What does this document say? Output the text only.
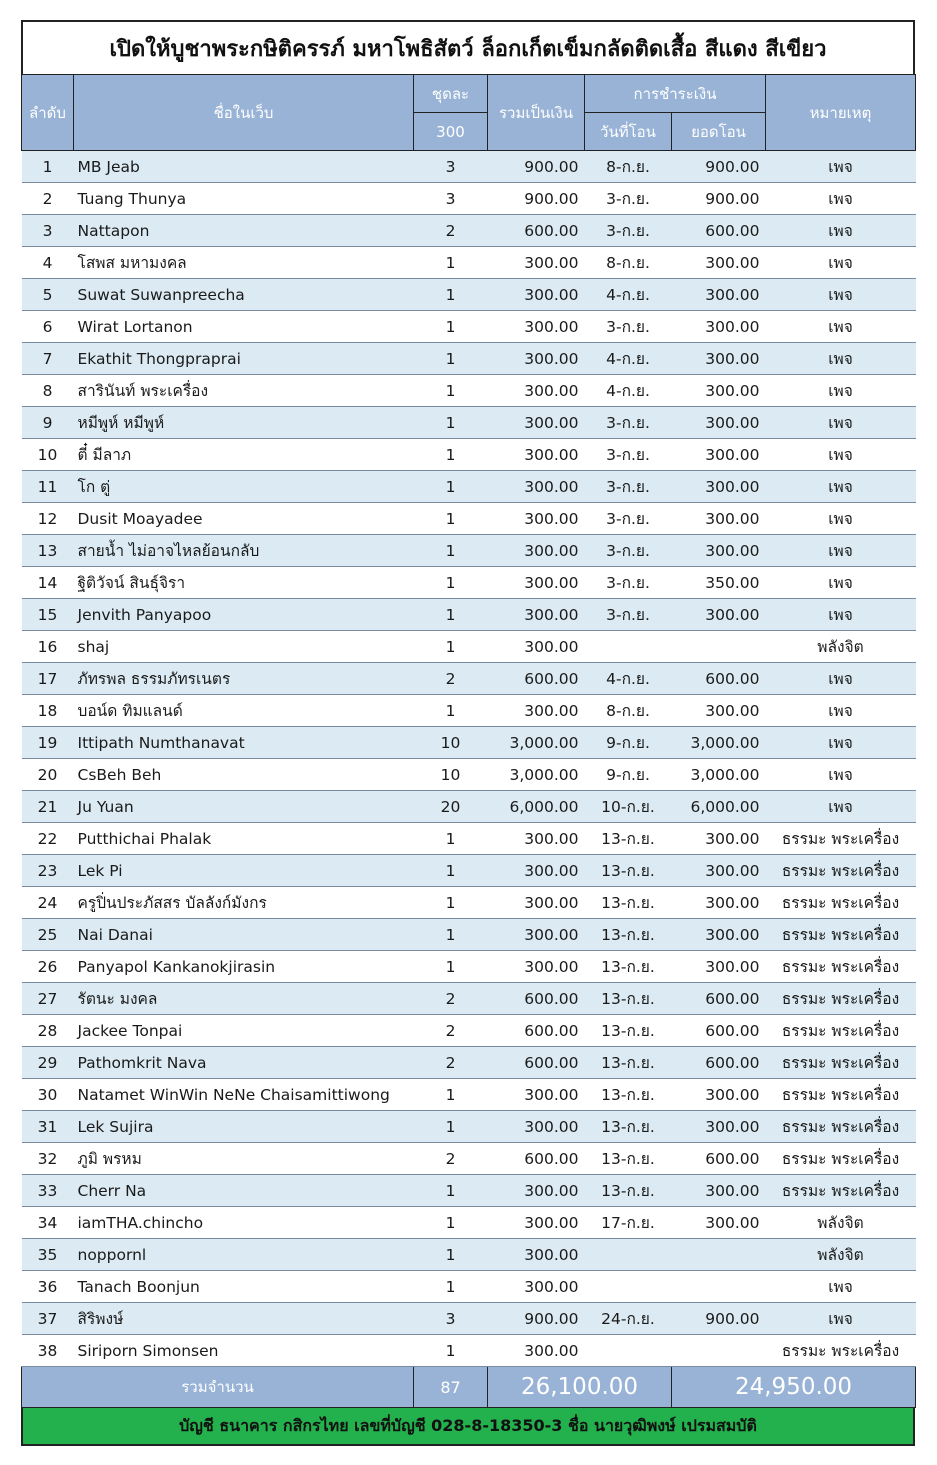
เปิดให้บูชาพระกษิติครรภ์ มหาโพธิสัตว์ ล็อกเก็ตเข็มกลัดติดเสื้อ สีแดง สีเขียว
ลำดับ	ชื่อในเว็บ	ชุดละ	รวมเป็นเงิน	การชำระเงิน		หมายเหตุ
		300		วันที่โอน	ยอดโอน	
1	MB Jeab	3	900.00	8-ก.ย.	900.00	เพจ
2	Tuang Thunya	3	900.00	3-ก.ย.	900.00	เพจ
3	Nattapon	2	600.00	3-ก.ย.	600.00	เพจ
4	โสพส มหามงคล	1	300.00	8-ก.ย.	300.00	เพจ
5	Suwat Suwanpreecha	1	300.00	4-ก.ย.	300.00	เพจ
6	Wirat Lortanon	1	300.00	3-ก.ย.	300.00	เพจ
7	Ekathit Thongpraprai	1	300.00	4-ก.ย.	300.00	เพจ
8	สารินันท์ พระเครื่อง	1	300.00	4-ก.ย.	300.00	เพจ
9	หมีพูห์ หมีพูห์	1	300.00	3-ก.ย.	300.00	เพจ
10	ตี๋ มีลาภ	1	300.00	3-ก.ย.	300.00	เพจ
11	โก ตู่	1	300.00	3-ก.ย.	300.00	เพจ
12	Dusit Moayadee	1	300.00	3-ก.ย.	300.00	เพจ
13	สายน้ำ ไม่อาจไหลย้อนกลับ	1	300.00	3-ก.ย.	300.00	เพจ
14	ฐิติวัจน์ สินธุ์จิรา	1	300.00	3-ก.ย.	350.00	เพจ
15	Jenvith Panyapoo	1	300.00	3-ก.ย.	300.00	เพจ
16	shaj	1	300.00			พลังจิต
17	ภัทรพล ธรรมภัทรเนตร	2	600.00	4-ก.ย.	600.00	เพจ
18	บอน์ด ทิมแลนด์	1	300.00	8-ก.ย.	300.00	เพจ
19	Ittipath Numthanavat	10	3,000.00	9-ก.ย.	3,000.00	เพจ
20	CsBeh Beh	10	3,000.00	9-ก.ย.	3,000.00	เพจ
21	Ju Yuan	20	6,000.00	10-ก.ย.	6,000.00	เพจ
22	Putthichai Phalak	1	300.00	13-ก.ย.	300.00	ธรรมะ พระเครื่อง
23	Lek Pi	1	300.00	13-ก.ย.	300.00	ธรรมะ พระเครื่อง
24	ครูปิ่นประภัสสร บัลลังก์มังกร	1	300.00	13-ก.ย.	300.00	ธรรมะ พระเครื่อง
25	Nai Danai	1	300.00	13-ก.ย.	300.00	ธรรมะ พระเครื่อง
26	Panyapol Kankanokjirasin	1	300.00	13-ก.ย.	300.00	ธรรมะ พระเครื่อง
27	รัตนะ มงคล	2	600.00	13-ก.ย.	600.00	ธรรมะ พระเครื่อง
28	Jackee Tonpai	2	600.00	13-ก.ย.	600.00	ธรรมะ พระเครื่อง
29	Pathomkrit Nava	2	600.00	13-ก.ย.	600.00	ธรรมะ พระเครื่อง
30	Natamet WinWin NeNe Chaisamittiwong	1	300.00	13-ก.ย.	300.00	ธรรมะ พระเครื่อง
31	Lek Sujira	1	300.00	13-ก.ย.	300.00	ธรรมะ พระเครื่อง
32	ภูมิ พรหม	2	600.00	13-ก.ย.	600.00	ธรรมะ พระเครื่อง
33	Cherr Na	1	300.00	13-ก.ย.	300.00	ธรรมะ พระเครื่อง
34	iamTHA.chincho	1	300.00	17-ก.ย.	300.00	พลังจิต
35	noppornl	1	300.00			พลังจิต
36	Tanach Boonjun	1	300.00			เพจ
37	สิริพงษ์	3	900.00	24-ก.ย.	900.00	เพจ
38	Siriporn Simonsen	1	300.00			ธรรมะ พระเครื่อง
รวมจำนวน		87	26,100.00		24,950.00	
บัญชี ธนาคาร กสิกรไทย เลขที่บัญชี 028-8-18350-3 ชื่อ นายวุฒิพงษ์ เปรมสมบัติ
